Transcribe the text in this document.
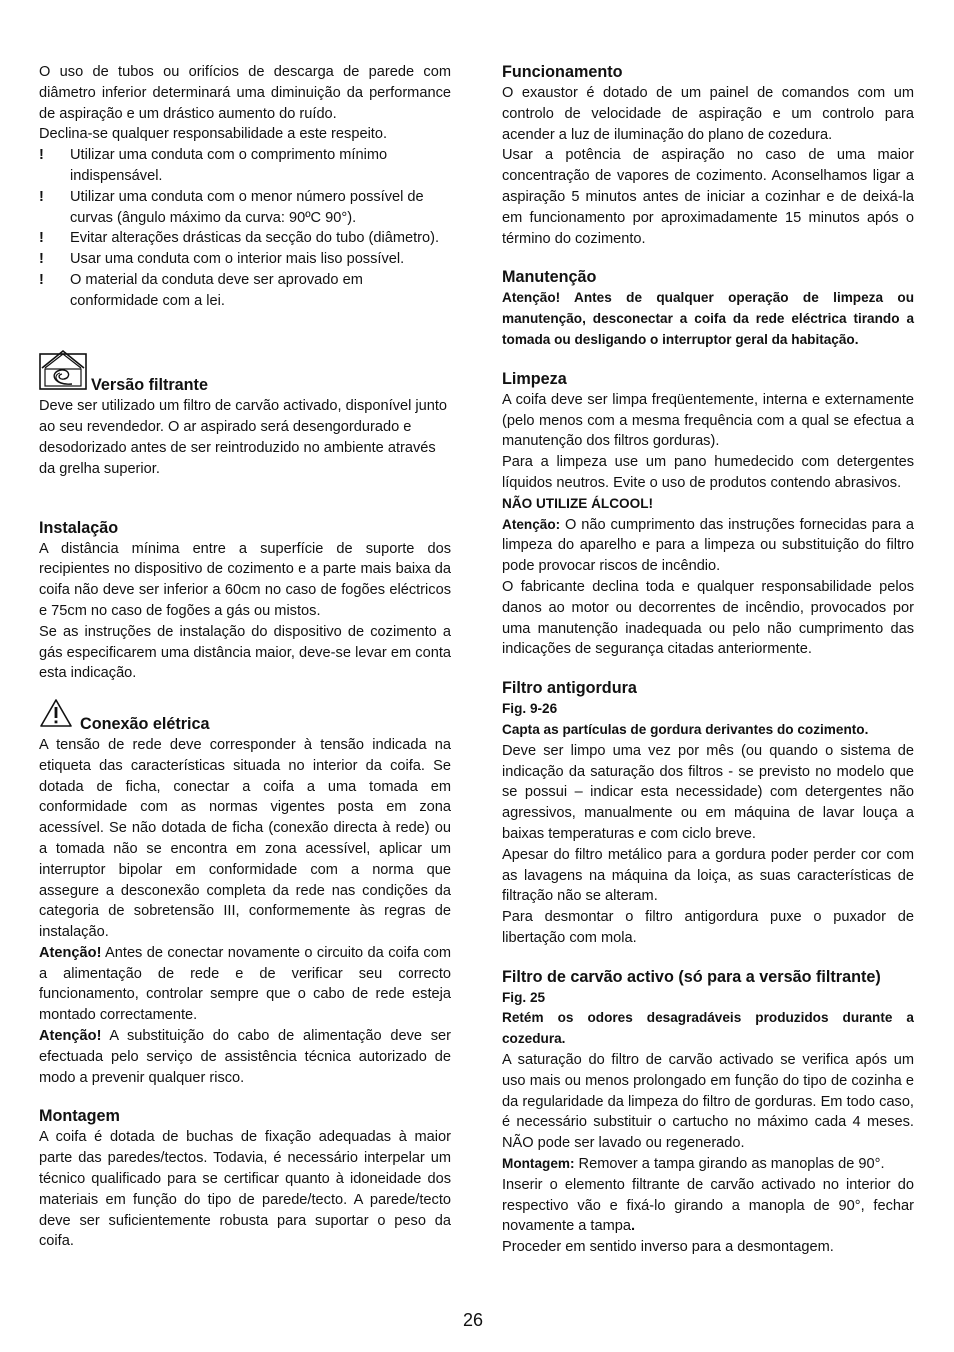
O uso de tubos ou orifícios de descarga de parede com diâmetro inferior determinará uma diminuição da performance de aspiração e um drástico aumento do ruído.

Declina-se qualquer responsabilidade a este respeito.

! Utilizar uma conduta com o comprimento mínimo indispensável.
! Utilizar uma conduta com o menor número possível de curvas (ângulo máximo da curva: 90ºC 90°).
! Evitar alterações drásticas da secção do tubo (diâmetro).
! Usar uma conduta com o interior mais liso possível.
! O material da conduta deve ser aprovado em conformidade com a lei.
Versão filtrante

Deve ser utilizado um filtro de carvão activado, disponível junto ao seu revendedor. O ar aspirado será desengordurado e desodorizado antes de ser reintroduzido no ambiente através da grelha superior.

Instalação

A distância mínima entre a superfície de suporte dos recipientes no dispositivo de cozimento e a parte mais baixa da coifa não deve ser inferior a 60cm no caso de fogões eléctricos e 75cm no caso de fogões a gás ou mistos.

Se as instruções de instalação do dispositivo de cozimento a gás especificarem uma distância maior, deve-se levar em conta esta indicação.

Conexão elétrica

A tensão de rede deve corresponder à tensão indicada na etiqueta das características situada no interior da coifa. Se dotada de ficha, conectar a coifa a uma tomada em conformidade com as normas vigentes posta em zona acessível. Se não dotada de ficha (conexão directa à rede) ou a tomada não se encontra em zona acessível, aplicar um interruptor bipolar em conformidade com a norma que assegure a desconexão completa da rede nas condições da categoria de sobretensão III, conformemente às regras de instalação.

Atenção! Antes de conectar novamente o circuito da coifa com a alimentação de rede e de verificar seu correcto funcionamento, controlar sempre que o cabo de rede esteja montado correctamente.

Atenção! A substituição do cabo de alimentação deve ser efectuada pelo serviço de assistência técnica autorizado de modo a prevenir qualquer risco.

Montagem

A coifa é dotada de buchas de fixação adequadas à maior parte das paredes/tectos. Todavia, é necessário interpelar um técnico qualificado para se certificar quanto à idoneidade dos materiais em função do tipo de parede/tecto. A parede/tecto deve ser suficientemente robusta para suportar o peso da coifa.

Funcionamento

O exaustor é dotado de um painel de comandos com um controlo de velocidade de aspiração e um controlo para acender a luz de iluminação do plano de cozedura.

Usar a potência de aspiração no caso de uma maior concentração de vapores de cozimento. Aconselhamos ligar a aspiração 5 minutos antes de iniciar a cozinhar e de deixá-la em funcionamento por aproximadamente 15 minutos após o término do cozimento.

Manutenção

Atenção! Antes de qualquer operação de limpeza ou manutenção, desconectar a coifa da rede eléctrica tirando a tomada ou desligando o interruptor geral da habitação.

Limpeza

A coifa deve ser limpa freqüentemente, interna e externamente (pelo menos com a mesma frequência com a qual se efectua a manutenção dos filtros gorduras).

Para a limpeza use um pano humedecido com detergentes líquidos neutros. Evite o uso de produtos contendo abrasivos.

NÃO UTILIZE ÁLCOOL!

Atenção: O não cumprimento das instruções fornecidas para a limpeza do aparelho e para a limpeza ou substituição do filtro pode provocar riscos de incêndio.

O fabricante declina toda e qualquer responsabilidade pelos danos ao motor ou decorrentes de incêndio, provocados por uma manutenção inadequada ou pelo não cumprimento das indicações de segurança citadas anteriormente.

Filtro antigordura

Fig. 9-26

Capta as partículas de gordura derivantes do cozimento.

Deve ser limpo uma vez por mês (ou quando o sistema de indicação da saturação dos filtros - se previsto no modelo que se possui – indicar esta necessidade) com detergentes não agressivos, manualmente ou em máquina de lavar louça a baixas temperaturas e com ciclo breve.

Apesar do filtro metálico para a gordura poder perder cor com as lavagens na máquina da loiça, as suas características de filtração não se alteram.

Para desmontar o filtro antigordura puxe o puxador de libertação com mola.

Filtro de carvão activo (só para a versão filtrante)

Fig. 25

Retém os odores desagradáveis produzidos durante a cozedura.

A saturação do filtro de carvão activado se verifica após um uso mais ou menos prolongado em função do tipo de cozinha e da regularidade da limpeza do filtro de gorduras. Em todo caso, é necessário substituir o cartucho no máximo cada 4 meses. NÃO pode ser lavado ou regenerado.

Montagem: Remover a tampa girando as manoplas de 90°.

Inserir o elemento filtrante de carvão activado no interior do respectivo vão e fixá-lo girando a manopla de 90°, fechar novamente a tampa.

Proceder em sentido inverso para a desmontagem.

26
